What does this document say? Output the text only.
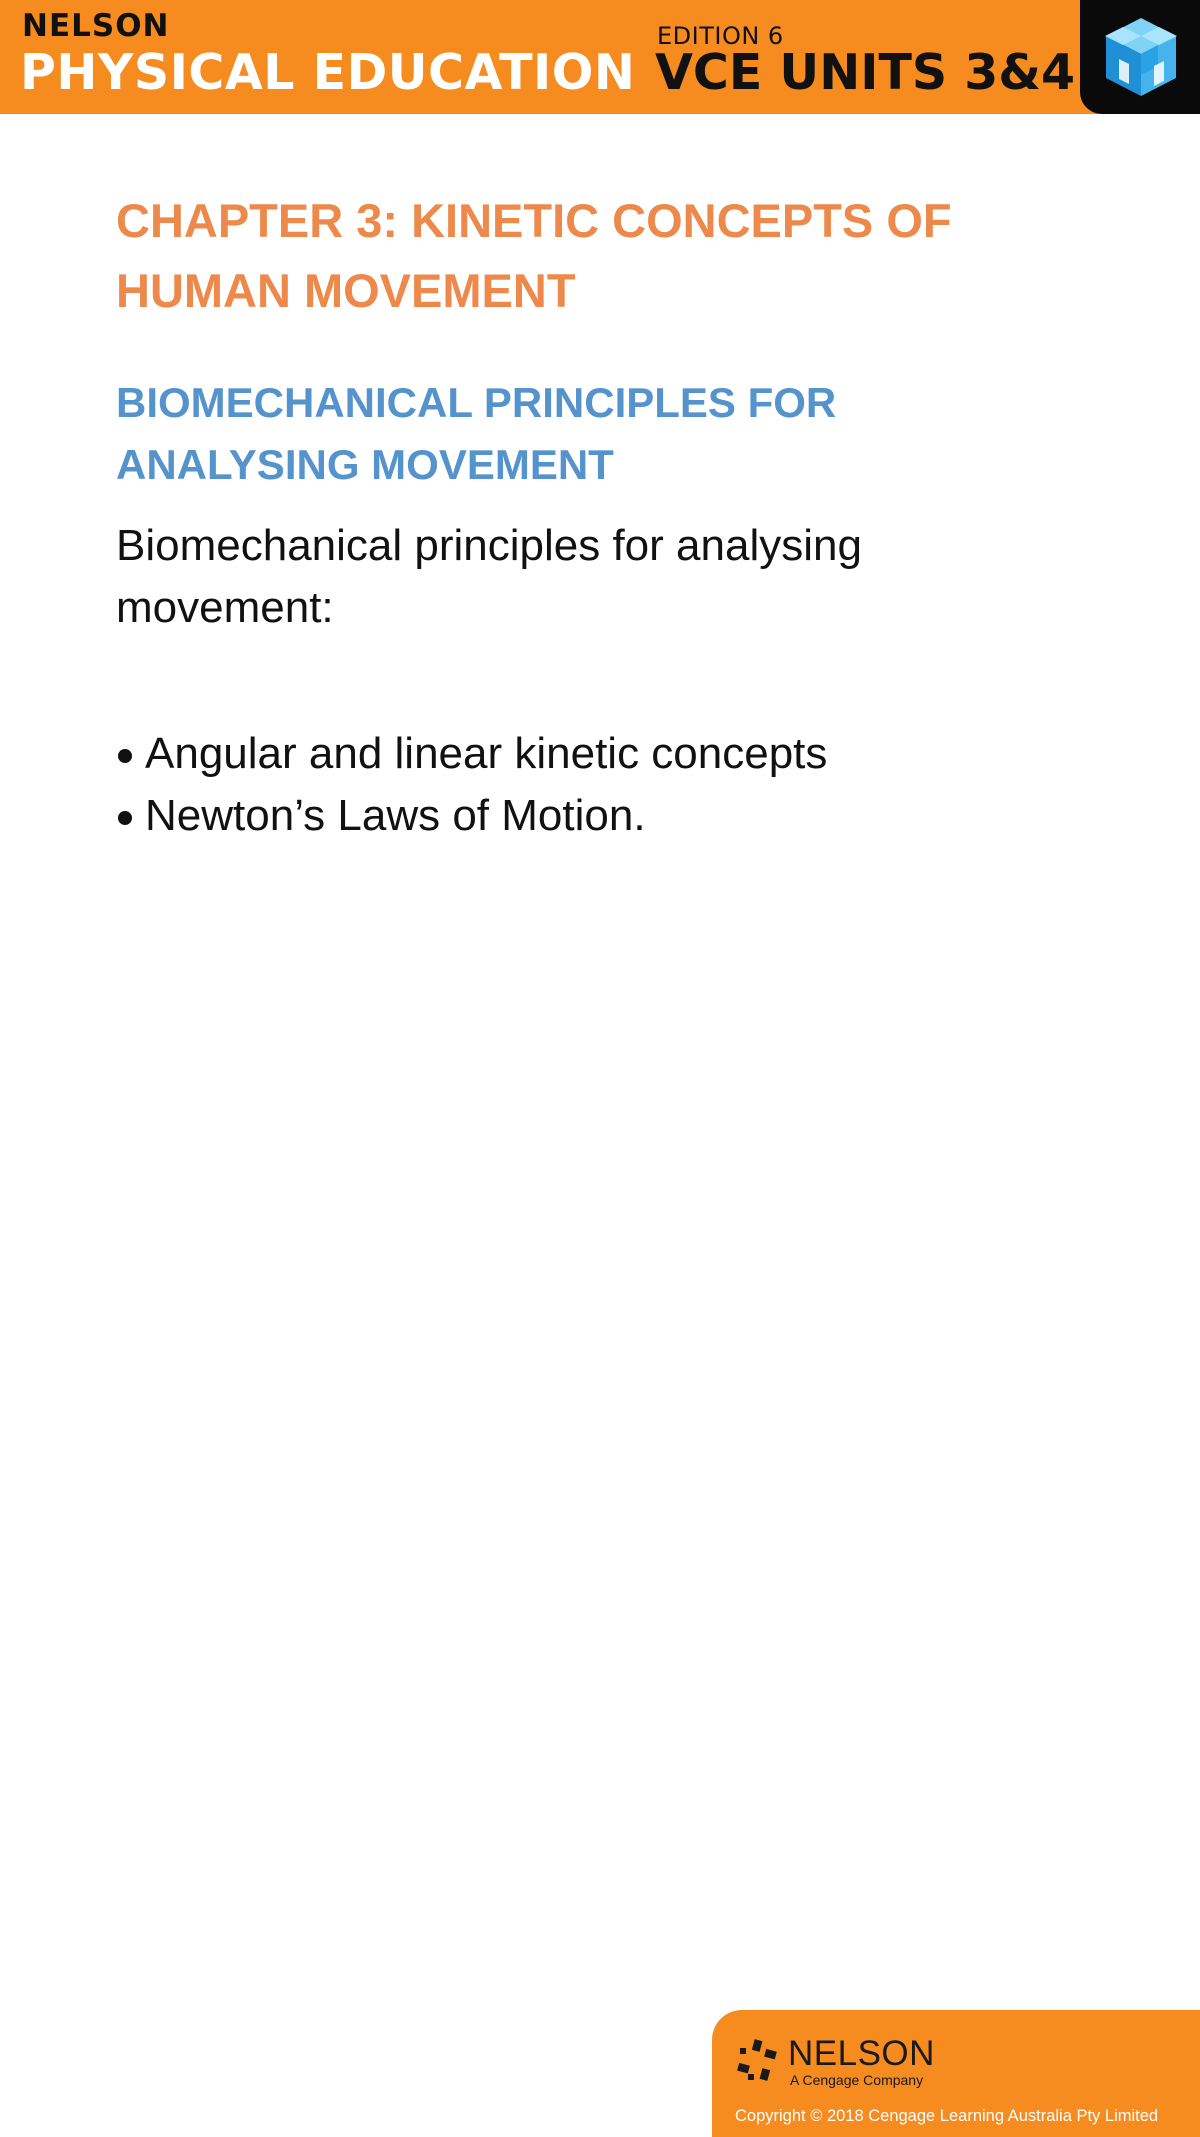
NELSON
PHYSICAL EDUCATION
EDITION 6
VCE UNITS 3&4
CHAPTER 3: KINETIC CONCEPTS OF HUMAN MOVEMENT
BIOMECHANICAL PRINCIPLES FOR ANALYSING MOVEMENT

Biomechanical principles for analysing movement:

Angular and linear kinetic concepts
Newton’s Laws of Motion.
NELSON
A Cengage Company
Copyright © 2018 Cengage Learning Australia Pty Limited
